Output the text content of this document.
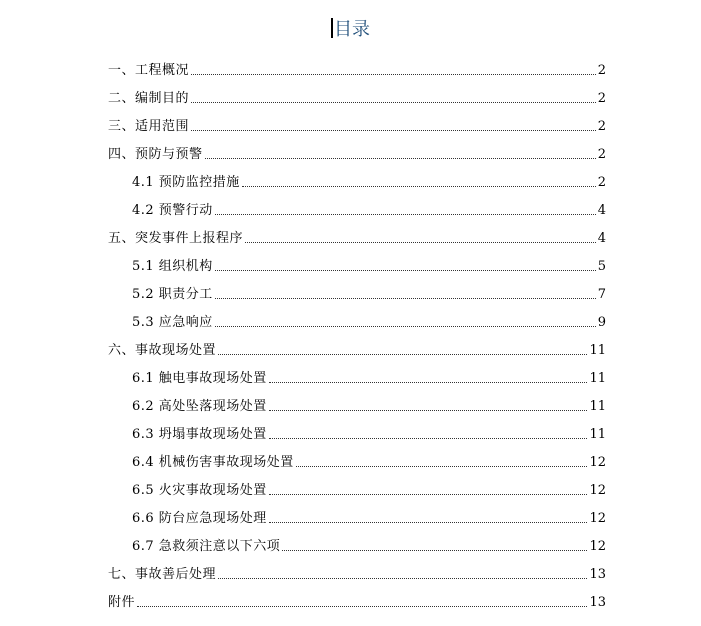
目录
一、工程概况	2
二、编制目的	2
三、适用范围	2
四、预防与预警	2
4.1 预防监控措施	2
4.2 预警行动	4
五、突发事件上报程序	4
5.1 组织机构	5
5.2 职责分工	7
5.3 应急响应	9
六、事故现场处置	11
6.1 触电事故现场处置	11
6.2 高处坠落现场处置	11
6.3 坍塌事故现场处置	11
6.4 机械伤害事故现场处置	12
6.5 火灾事故现场处置	12
6.6 防台应急现场处理	12
6.7 急救须注意以下六项	12
七、事故善后处理	13
附件	13
